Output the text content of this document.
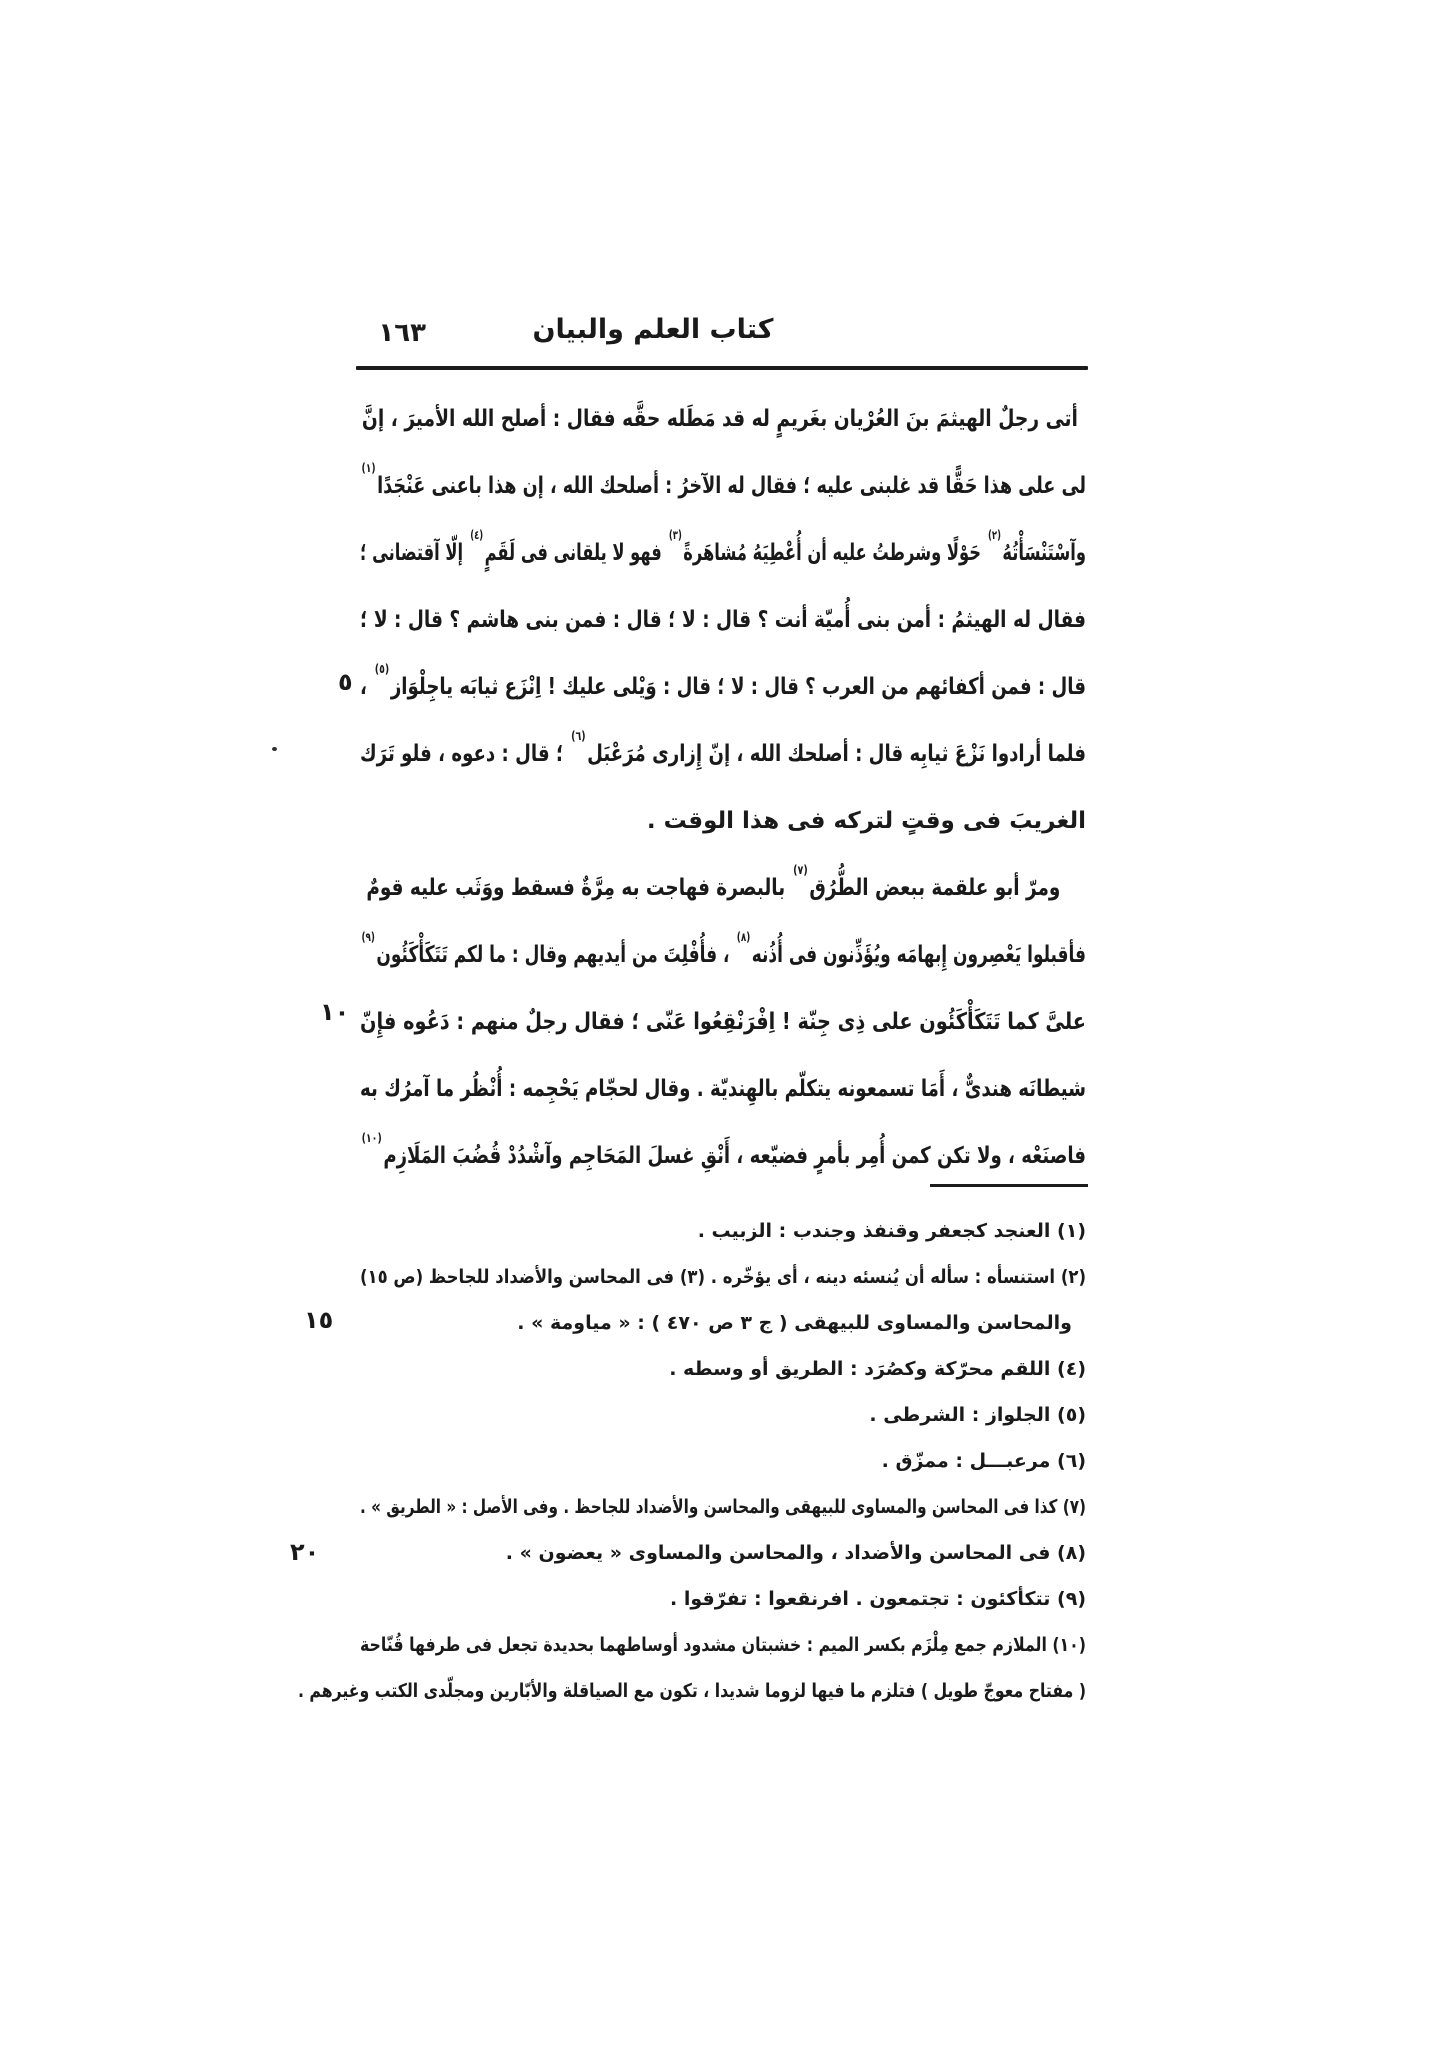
١٦٣	كتاب العلم والبيان
أتى رجلٌ الهيثمَ بنَ العُرْيان بغَريمٍ له قد مَطَله حقَّه فقال : أصلح الله الأميرَ ، إنَّ
لى على هذا حَقًّا قد غلبنى عليه ؛ فقال له الآخرُ : أصلحك الله ، إن هذا باعنى عَنْجَدًا$^{(١)}$
وآسْتَنْسَأْتُهُ$^{(٢)}$ حَوْلًا وشرطتُ عليه أن أُعْطِيَهُ مُشاهَرةً$^{(٣)}$ فهو لا يلقانى فى لَقَمٍ$^{(٤)}$ إلّا آقتضانى ؛
فقال له الهيثمُ : أمن بنى أُميّة أنت ؟ قال : لا ؛ قال : فمن بنى هاشم ؟ قال : لا ؛
قال : فمن أكفائهم من العرب ؟ قال : لا ؛ قال : وَيْلى عليك ! اِنْزَع ثيابَه ياجِلْوَاز$^{(٥)}$ ،
فلما أرادوا نَزْعَ ثيابِه قال : أصلحك الله ، إنّ إِزارى مُرَعْبَل$^{(٦)}$ ؛ قال : دعوه ، فلو تَرَك
الغريبَ فى وقتٍ لتركه فى هذا الوقت .
ومرّ أبو علقمة ببعض الطُّرُق$^{(٧)}$ بالبصرة فهاجت به مِرَّةٌ فسقط ووَثَب عليه قومٌ
فأقبلوا يَعْصِرون إِبهامَه ويُؤَذِّنون فى أُذُنه$^{(٨)}$ ، فأُفْلِتَ من أيديهم وقال : ما لكم تَتَكَأْكَئُون$^{(٩)}$
علىَّ كما تَتَكَأْكَئُون على ذِى جِنّة ! اِفْرَنْقِعُوا عَنّى ؛ فقال رجلٌ منهم : دَعُوه فإِنّ
شيطانَه هندىٌّ ، أَمَا تسمعونه يتكلّم بالهِنديّة . وقال لحجّام يَحْجِمه : أُنْظُر ما آمرُك به
فاصنَعْه ، ولا تكن كمن أُمِر بأمرٍ فضيّعه ، أَنْقِ غسلَ المَحَاجِم وآشْدُدْ قُضُبَ المَلَازِم$^{(١٠)}$
(١) العنجد كجعفر وقنفذ وجندب : الزبيب .
(٢) استنسأه : سأله أن يُنسئه دينه ، أى يؤخّره . (٣) فى المحاسن والأضداد للجاحظ (ص ١٥)
والمحاسن والمساوى للبيهقى ( ج ٣ ص ٤٧٠ ) : « مياومة » .
(٤) اللقم محرّكة وكصُرَد : الطريق أو وسطه .
(٥) الجلواز : الشرطى .
(٦) مرعبـــل : ممزّق .
(٧) كذا فى المحاسن والمساوى للبيهقى والمحاسن والأضداد للجاحظ . وفى الأصل : « الطريق » .
(٨) فى المحاسن والأضداد ، والمحاسن والمساوى « يعضون » .
(٩) تتكأكئون : تجتمعون . افرنقعوا : تفرّقوا .
(١٠) الملازم جمع مِلْزَم بكسر الميم : خشبتان مشدود أوساطهما بحديدة تجعل فى طرفها قُنّاحة
( مفتاح معوجّ طويل ) فتلزم ما فيها لزوما شديدا ، تكون مع الصياقلة والأبّارين ومجلّدى الكتب وغيرهم .
٥
١٠
١٥
٢٠
